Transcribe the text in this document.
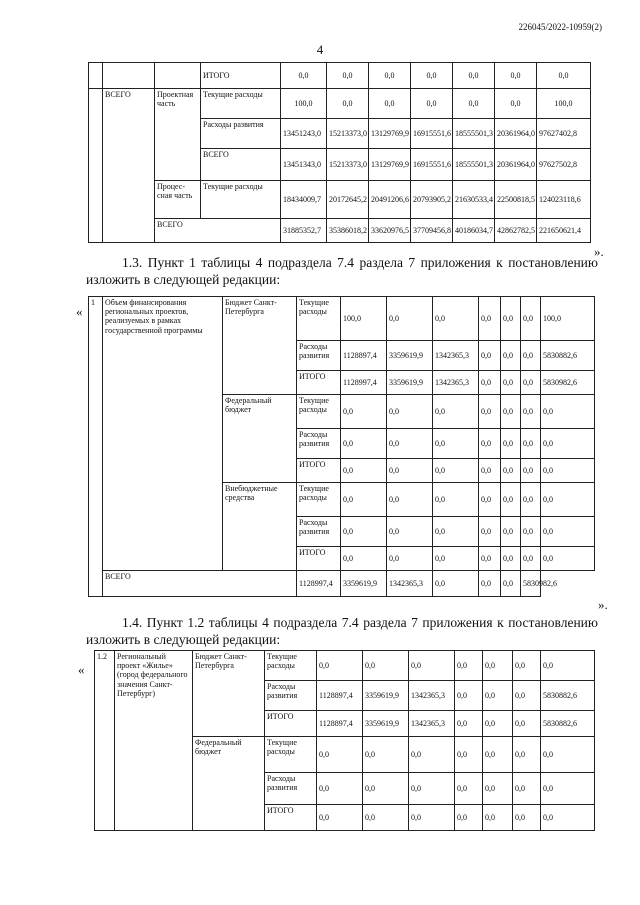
226045/2022-10959(2)
4
			ИТОГО	0,0	0,0	0,0	0,0	0,0	0,0	0,0
	ВСЕГО	Проектная часть	Текущие расходы	100,0	0,0	0,0	0,0	0,0	0,0	100,0
			Расходы развития	13451243,0	15213373,0	13129769,9	16915551,6	18555501,3	20361964,0	97627402,8
			ВСЕГО	13451343,0	15213373,0	13129769,9	16915551,6	18555501,3	20361964,0	97627502,8
		Процес-сная часть	Текущие расходы	18434009,7	20172645,2	20491206,6	20793905,2	21630533,4	22500818,5	124023118,6
		ВСЕГО		31885352,7	35386018,2	33620976,5	37709456,8	40186034,7	42862782,5	221650621,4
».
1.3. Пункт 1 таблицы 4 подраздела 7.4 раздела 7 приложения к постановлению изложить в следующей редакции:
«
1	Объем финансирования региональных проектов, реализуемых в рамках государственной программы	Бюджет Санкт-Петербурга	Текущие расходы	100,0	0,0	0,0	0,0	0,0	0,0	100,0
			Расходы развития	1128897,4	3359619,9	1342365,3	0,0	0,0	0,0	5830882,6
			ИТОГО	1128997,4	3359619,9	1342365,3	0,0	0,0	0,0	5830982,6
		Федеральный бюджет	Текущие расходы	0,0	0,0	0,0	0,0	0,0	0,0	0,0
			Расходы развития	0,0	0,0	0,0	0,0	0,0	0,0	0,0
			ИТОГО	0,0	0,0	0,0	0,0	0,0	0,0	0,0
		Внебюджетные средства	Текущие расходы	0,0	0,0	0,0	0,0	0,0	0,0	0,0
			Расходы развития	0,0	0,0	0,0	0,0	0,0	0,0	0,0
			ИТОГО	0,0	0,0	0,0	0,0	0,0	0,0	0,0
	ВСЕГО		1128997,4	3359619,9	1342365,3	0,0	0,0	0,0	5830982,6	
».
1.4. Пункт 1.2 таблицы 4 подраздела 7.4 раздела 7 приложения к постановлению изложить в следующей редакции:
«
1.2	Региональный проект «Жилье» (город федерального значения Санкт-Петербург)	Бюджет Санкт-Петербурга	Текущие расходы	0,0	0,0	0,0	0,0	0,0	0,0	0,0
			Расходы развития	1128897,4	3359619,9	1342365,3	0,0	0,0	0,0	5830882,6
			ИТОГО	1128897,4	3359619,9	1342365,3	0,0	0,0	0,0	5830882,6
		Федеральный бюджет	Текущие расходы	0,0	0,0	0,0	0,0	0,0	0,0	0,0
			Расходы развития	0,0	0,0	0,0	0,0	0,0	0,0	0,0
			ИТОГО	0,0	0,0	0,0	0,0	0,0	0,0	0,0
